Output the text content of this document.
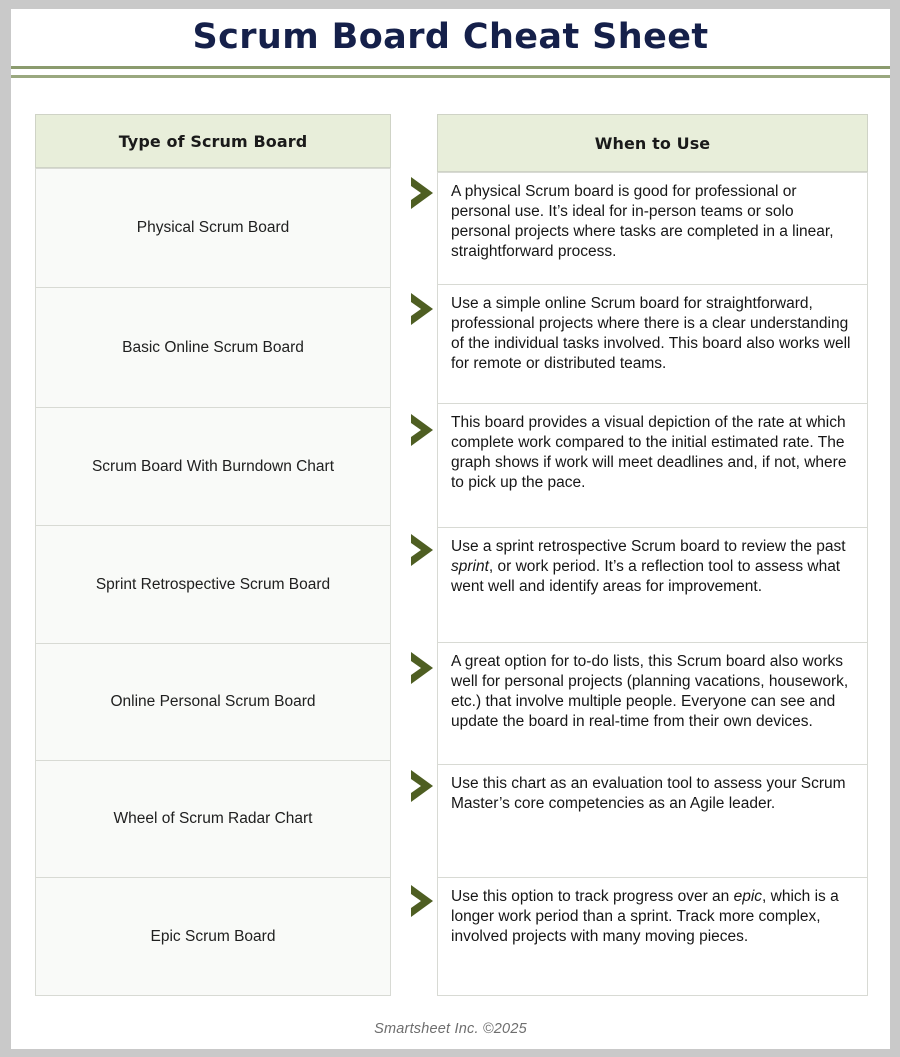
Scrum Board Cheat Sheet
Type of Scrum Board
Physical Scrum Board
Basic Online Scrum Board
Scrum Board With Burndown Chart
Sprint Retrospective Scrum Board
Online Personal Scrum Board
Wheel of Scrum Radar Chart
Epic Scrum Board
When to Use
A physical Scrum board is good for professional or personal use. It’s ideal for in-person teams or solo personal projects where tasks are completed in a linear, straightforward process.
Use a simple online Scrum board for straightforward, professional projects where there is a clear understanding of the individual tasks involved. This board also works well for remote or distributed teams.
This board provides a visual depiction of the rate at which complete work compared to the initial estimated rate. The graph shows if work will meet deadlines and, if not, where to pick up the pace.
Use a sprint retrospective Scrum board to review the past sprint, or work period. It’s a reflection tool to assess what went well and identify areas for improvement.
A great option for to-do lists, this Scrum board also works well for personal projects (planning vacations, housework, etc.) that involve multiple people. Everyone can see and update the board in real-time from their own devices.
Use this chart as an evaluation tool to assess your Scrum Master’s core competencies as an Agile leader.
Use this option to track progress over an epic, which is a longer work period than a sprint. Track more complex, involved projects with many moving pieces.
Smartsheet Inc. ©2025
